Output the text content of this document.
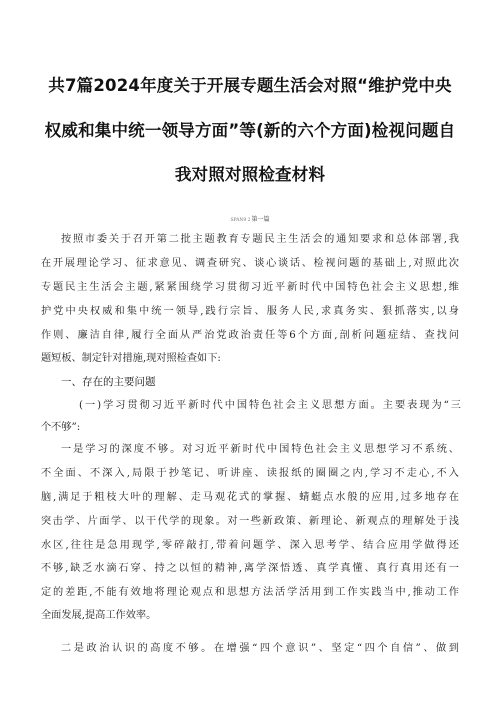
共7篇2024年度关于开展专题生活会对照“维护党中央
权威和集中统一领导方面”等(新的六个方面)检视问题自
我对照对照检查材料
SPAN9 2第一篇
按照市委关于召开第二批主题教育专题民主生活会的通知要求和总体部署,我
在开展理论学习、征求意见、调查研究、谈心谈话、检视问题的基础上,对照此次
专题民主生活会主题,紧紧围绕学习贯彻习近平新时代中国特色社会主义思想,维
护党中央权威和集中统一领导,践行宗旨、服务人民,求真务实、狠抓落实,以身
作则、廉洁自律,履行全面从严治党政治责任等6个方面,剖析问题症结、查找问
题短板、制定针对措施,现对照检查如下:
一、存在的主要问题
(一)学习贯彻习近平新时代中国特色社会主义思想方面。主要表现为“三
个不够”:
一是学习的深度不够。对习近平新时代中国特色社会主义思想学习不系统、
不全面、不深入,局限于抄笔记、听讲座、读报纸的圈圈之内,学习不走心,不入
脑,满足于粗枝大叶的理解、走马观花式的掌握、蜻蜓点水般的应用,过多地存在
突击学、片面学、以干代学的现象。对一些新政策、新理论、新观点的理解处于浅
水区,往往是急用现学,零碎敲打,带着问题学、深入思考学、结合应用学做得还
不够,缺乏水滴石穿、持之以恒的精神,离学深悟透、真学真懂、真行真用还有一
定的差距,不能有效地将理论观点和思想方法活学活用到工作实践当中,推动工作
全面发展,提高工作效率。
二是政治认识的高度不够。在增强“四个意识”、坚定“四个自信”、做到
